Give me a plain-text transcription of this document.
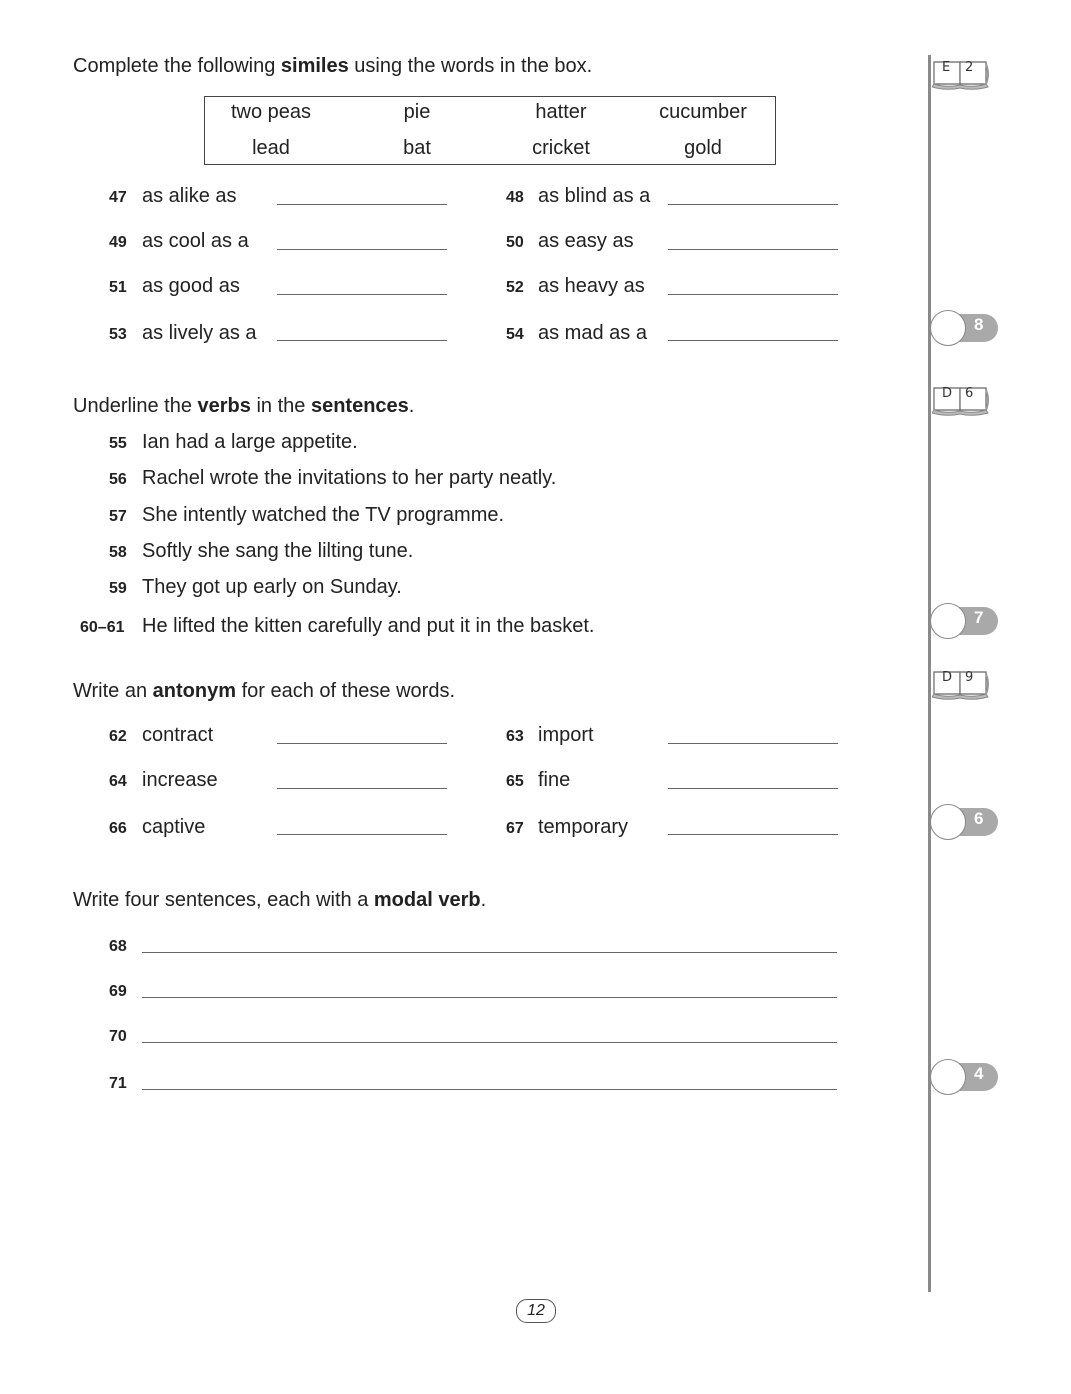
Complete the following similes using the words in the box.
two peas	pie	hatter	cucumber
lead	bat	cricket	gold
47 as alike as	48 as blind as a
49 as cool as a	50 as easy as
51 as good as	52 as heavy as
53 as lively as a	54 as mad as a
Underline the verbs in the sentences.
55 Ian had a large appetite.
56 Rachel wrote the invitations to her party neatly.
57 She intently watched the TV programme.
58 Softly she sang the lilting tune.
59 They got up early on Sunday.
60–61 He lifted the kitten carefully and put it in the basket.
Write an antonym for each of these words.
62 contract	63 import
64 increase	65 fine
66 captive	67 temporary
Write four sentences, each with a modal verb.
68
69
70
71
E 2
D 6
D 9
8
7
6
4
12
